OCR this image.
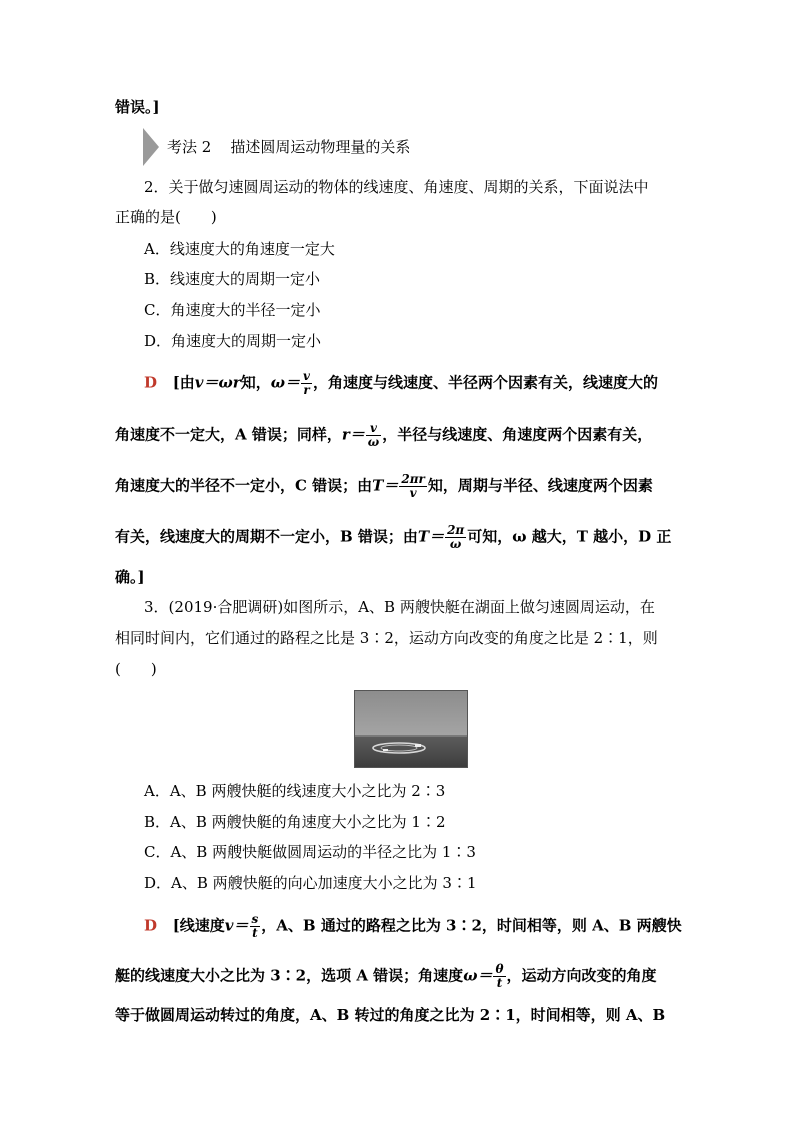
错误。]
考法 2 描述圆周运动物理量的关系
2．关于做匀速圆周运动的物体的线速度、角速度、周期的关系，下面说法中
正确的是(　　)
A．线速度大的角速度一定大
B．线速度大的周期一定小
C．角速度大的半径一定小
D．角速度大的周期一定小
D [由v＝ωr知，$\omega= \frac{v}{r}$ ，角速度与线速度、半径两个因素有关，线速度大的
角速度不一定大，A 错误；同样，$r= \frac{v}{\omega}$ ，半径与线速度、角速度两个因素有关，
角速度大的半径不一定小，C 错误；由$T= \frac{2\pi r}{v}$ 知，周期与半径、线速度两个因素
有关，线速度大的周期不一定小，B 错误；由$T= \frac{2\pi}{\omega}$ 可知，ω 越大，T 越小，D 正
确。]
3．(2019·合肥调研)如图所示，A、B 两艘快艇在湖面上做匀速圆周运动，在
相同时间内，它们通过的路程之比是 3∶2，运动方向改变的角度之比是 2∶1，则
(　　)
A．A、B 两艘快艇的线速度大小之比为 2∶3
B．A、B 两艘快艇的角速度大小之比为 1∶2
C．A、B 两艘快艇做圆周运动的半径之比为 1∶3
D．A、B 两艘快艇的向心加速度大小之比为 3∶1
D [线速度$v= \frac{s}{t}$ ，A、B 通过的路程之比为 3∶2，时间相等，则 A、B 两艘快
艇的线速度大小之比为 3∶2，选项 A 错误；角速度$\omega= \frac{\theta}{t}$ ，运动方向改变的角度
等于做圆周运动转过的角度，A、B 转过的角度之比为 2∶1，时间相等，则 A、B
